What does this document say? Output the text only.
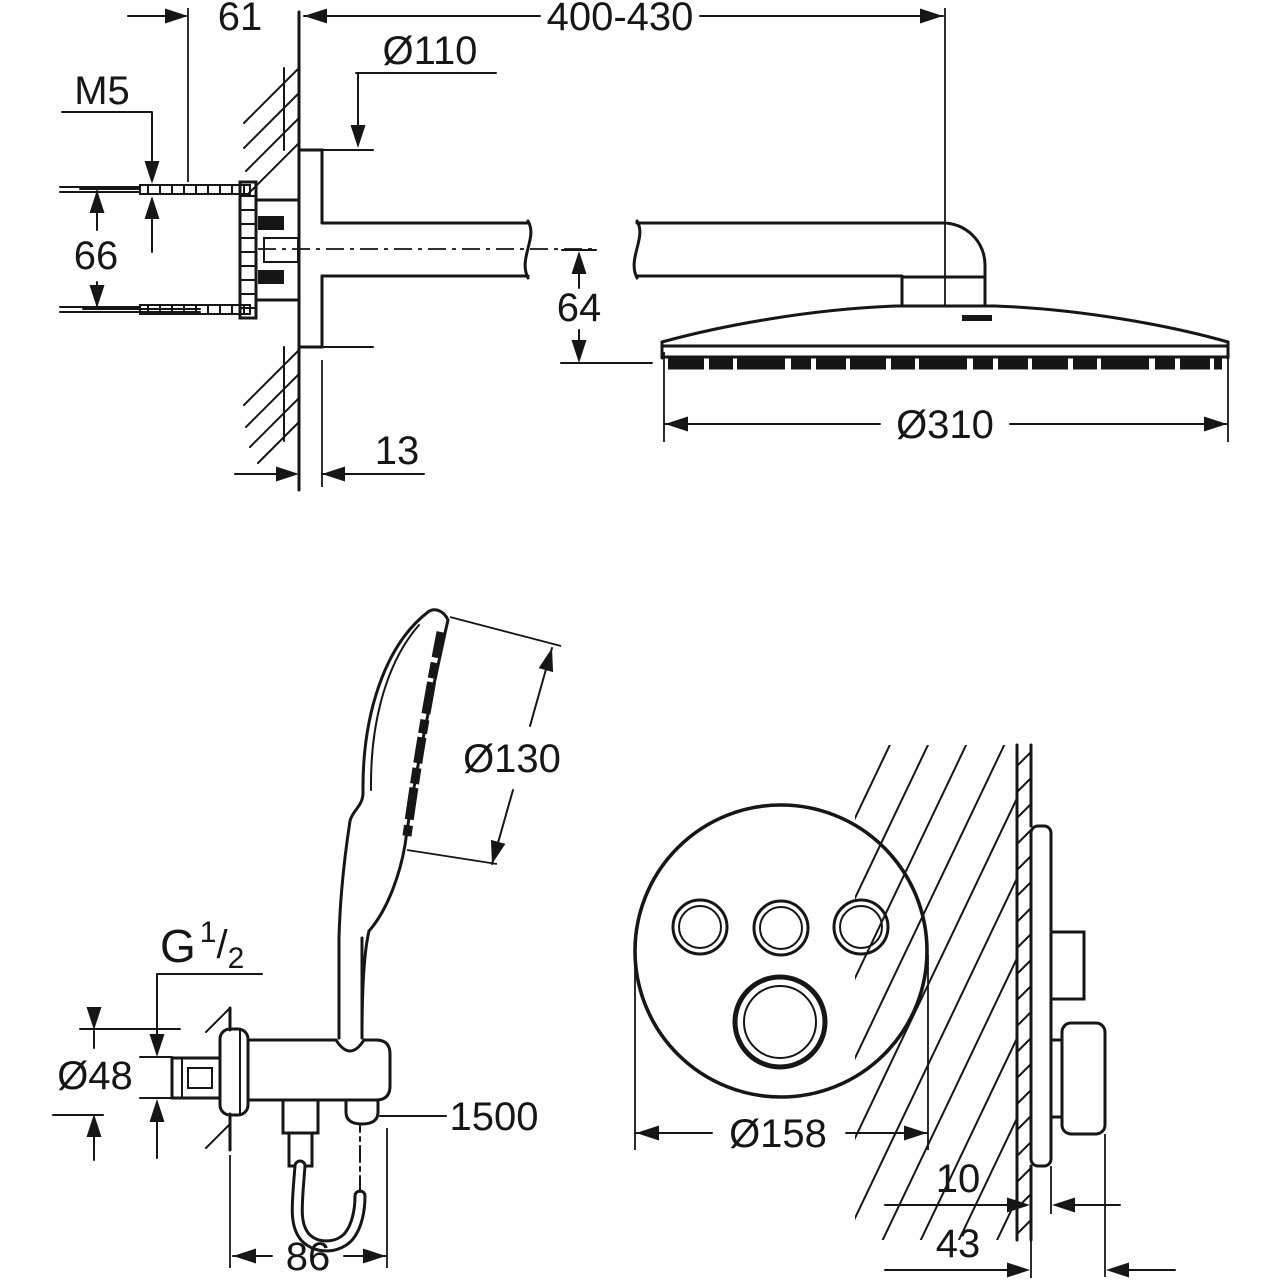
61	400-430
M5
66
Ø110
13
64
Ø310
Ø130
G $^1/_2$
Ø48
1500
86
Ø158
10
43
